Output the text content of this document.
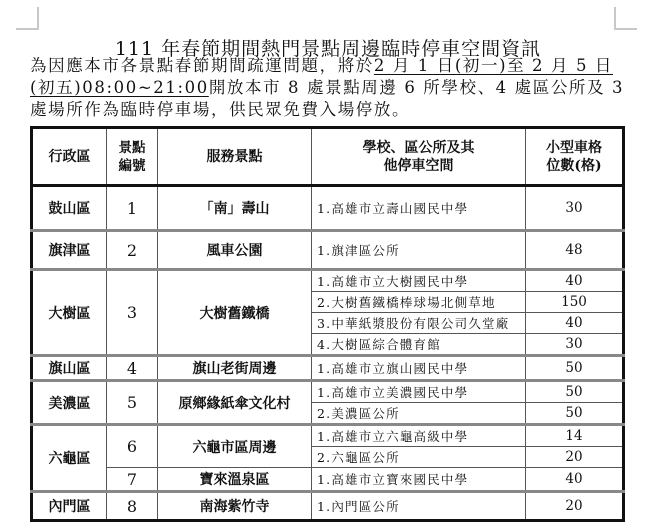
111 年春節期間熱門景點周邊臨時停車空間資訊
為因應本市各景點春節期間疏運問題，將於2 月 1 日(初一)至 2 月 5 日(初五)08:00~21:00開放本市 8 處景點周邊 6 所學校、4 處區公所及 3 處場所作為臨時停車場，供民眾免費入場停放。
行政區	景點編號	服務景點	學校、區公所及其他停車空間	小型車格位數(格)
鼓山區	1	「南」壽山	1.高雄市立壽山國民中學	30
旗津區	2	風車公園	1.旗津區公所	48
大樹區	3	大樹舊鐵橋	1.高雄市立大樹國民中學	40
			2.大樹舊鐵橋棒球場北側草地	150
			3.中華紙漿股份有限公司久堂廠	40
			4.大樹區綜合體育館	30
旗山區	4	旗山老街周邊	1.高雄市立旗山國民中學	50
美濃區	5	原鄉緣紙傘文化村	1.高雄市立美濃國民中學	50
			2.美濃區公所	50
六龜區	6	六龜市區周邊	1.高雄市立六龜高級中學	14
			2.六龜區公所	20
	7	寶來溫泉區	1.高雄市立寶來國民中學	40
內門區	8	南海紫竹寺	1.內門區公所	20
